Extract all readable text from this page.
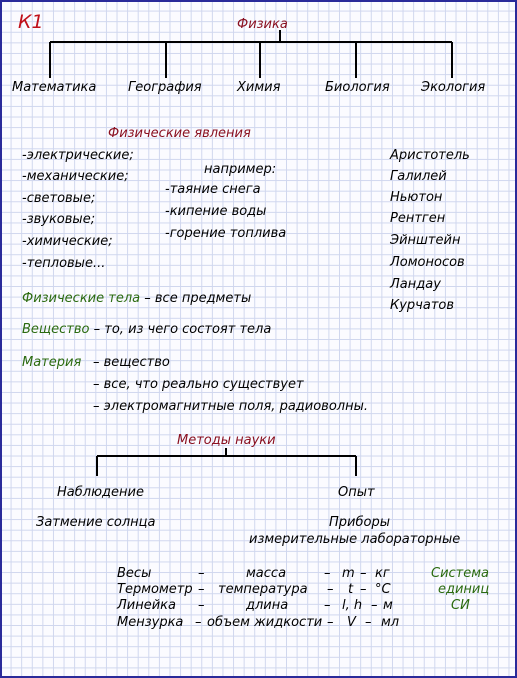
К1	Физика
Математика География	Химия	Биология Экология
Физические явления
-электрические;
-механические;
-световые;
-звуковые;
-химические;
-тепловые...
например:
-таяние снега
-кипение воды
-горение топлива
Аристотель
Галилей
Ньютон
Рентген
Эйнштейн
Ломоносов
Ландау
Курчатов
Физические тела – все предметы
Вещество – то, из чего состоят тела
Материя – вещество
– все, что реально существует
– электромагнитные поля, радиоволны.
Методы науки
Наблюдение	Опыт
Затмение солнца	Приборы
измерительные лабораторные
Весы	–	масса	– m – кг
Термометр – температура – t – °C
Линейка –	длина	– l, h – м
Мензурка – объем жидкости – V – мл
Система
единиц
СИ
